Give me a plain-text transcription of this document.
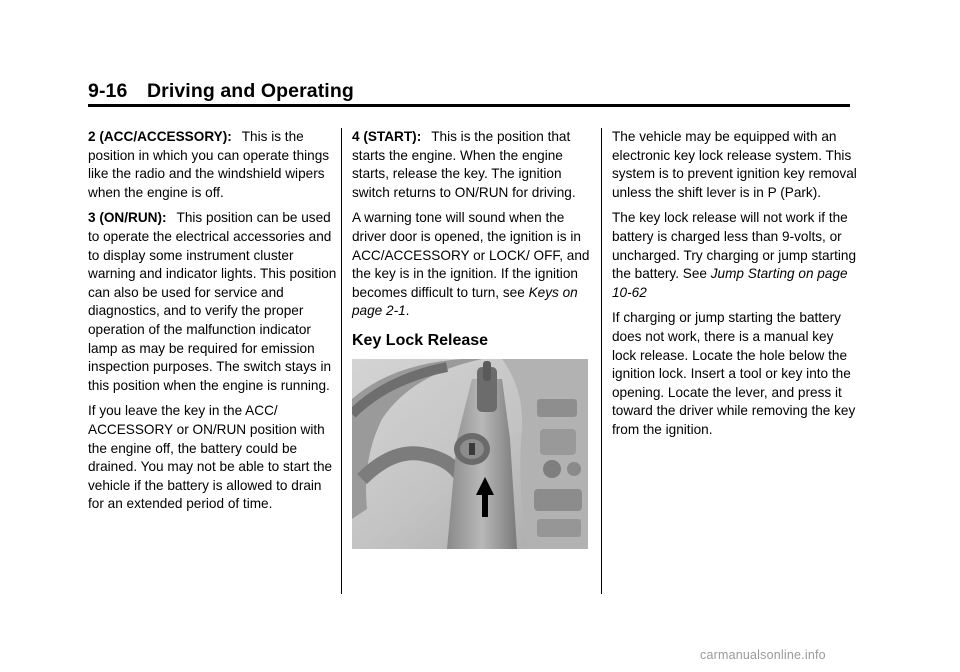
9-16 Driving and Operating

2 (ACC/ACCESSORY): This is the position in which you can operate things like the radio and the windshield wipers when the engine is off.

3 (ON/RUN): This position can be used to operate the electrical accessories and to display some instrument cluster warning and indicator lights. This position can also be used for service and diagnostics, and to verify the proper operation of the malfunction indicator lamp as may be required for emission inspection purposes. The switch stays in this position when the engine is running.

If you leave the key in the ACC/ ACCESSORY or ON/RUN position with the engine off, the battery could be drained. You may not be able to start the vehicle if the battery is allowed to drain for an extended period of time.

4 (START): This is the position that starts the engine. When the engine starts, release the key. The ignition switch returns to ON/RUN for driving.

A warning tone will sound when the driver door is opened, the ignition is in ACC/ACCESSORY or LOCK/ OFF, and the key is in the ignition. If the ignition becomes difficult to turn, see Keys on page 2-1.

Key Lock Release

The vehicle may be equipped with an electronic key lock release system. This system is to prevent ignition key removal unless the shift lever is in P (Park).

The key lock release will not work if the battery is charged less than 9-volts, or uncharged. Try charging or jump starting the battery. See Jump Starting on page 10-62

If charging or jump starting the battery does not work, there is a manual key lock release. Locate the hole below the ignition lock. Insert a tool or key into the opening. Locate the lever, and press it toward the driver while removing the key from the ignition.

carmanualsonline.info
